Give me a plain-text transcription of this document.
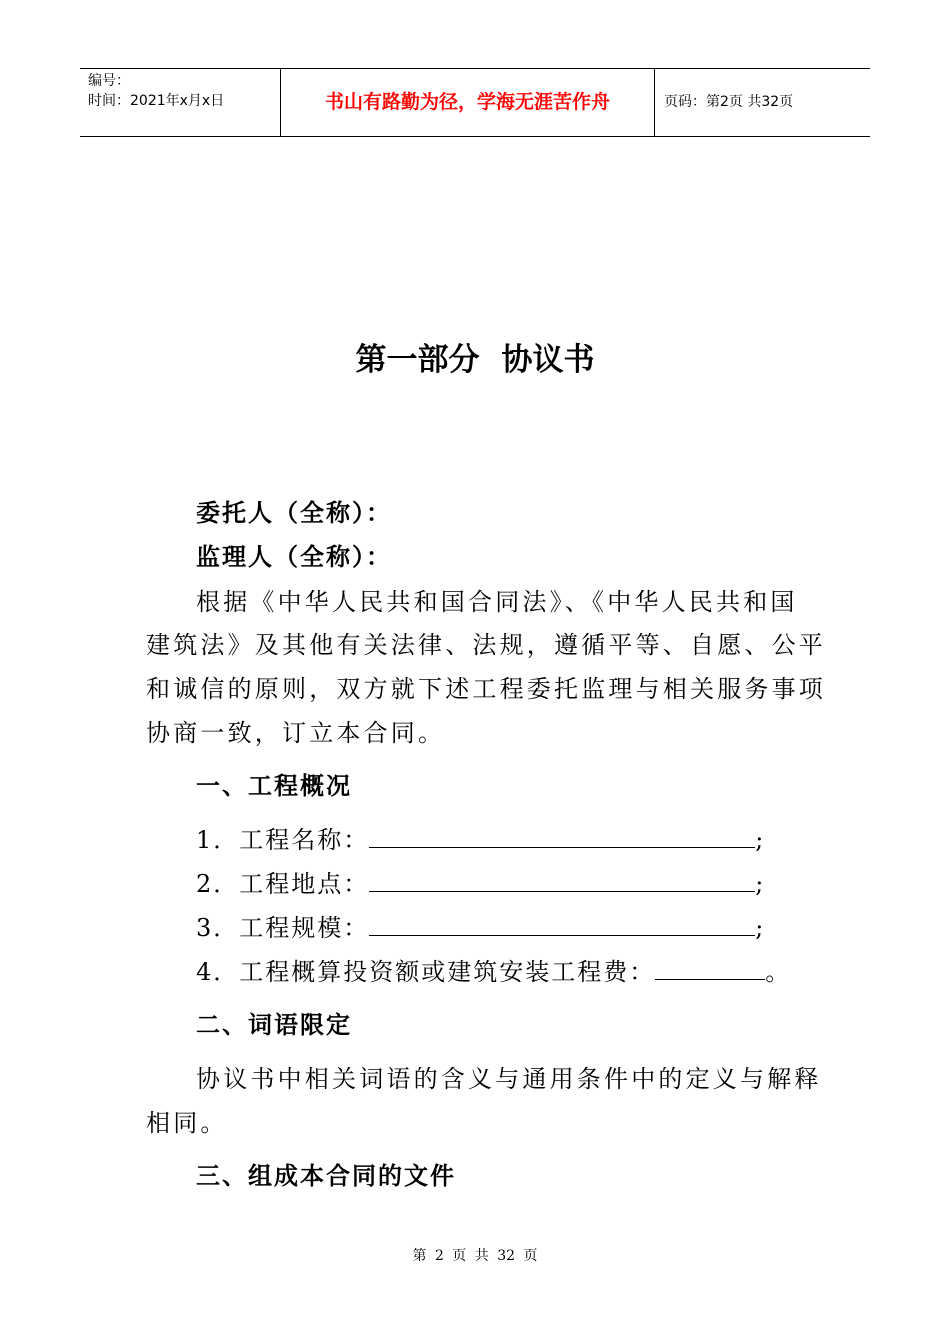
编号：
时间：2021年x月x日	书山有路勤为径，学海无涯苦作舟	页码：第2页 共32页
第一部分 协议书
委托人（全称）：
监理人（全称）：
根据《中华人民共和国合同法》、《中华人民共和国
建筑法》及其他有关法律、法规，遵循平等、自愿、公平
和诚信的原则，双方就下述工程委托监理与相关服务事项
协商一致，订立本合同。
一、工程概况
1．工程名称：	;
2．工程地点：	;
3．工程规模：	;
4．工程概算投资额或建筑安装工程费：	。
二、词语限定
协议书中相关词语的含义与通用条件中的定义与解释
相同。
三、组成本合同的文件
第 2 页 共 32 页
